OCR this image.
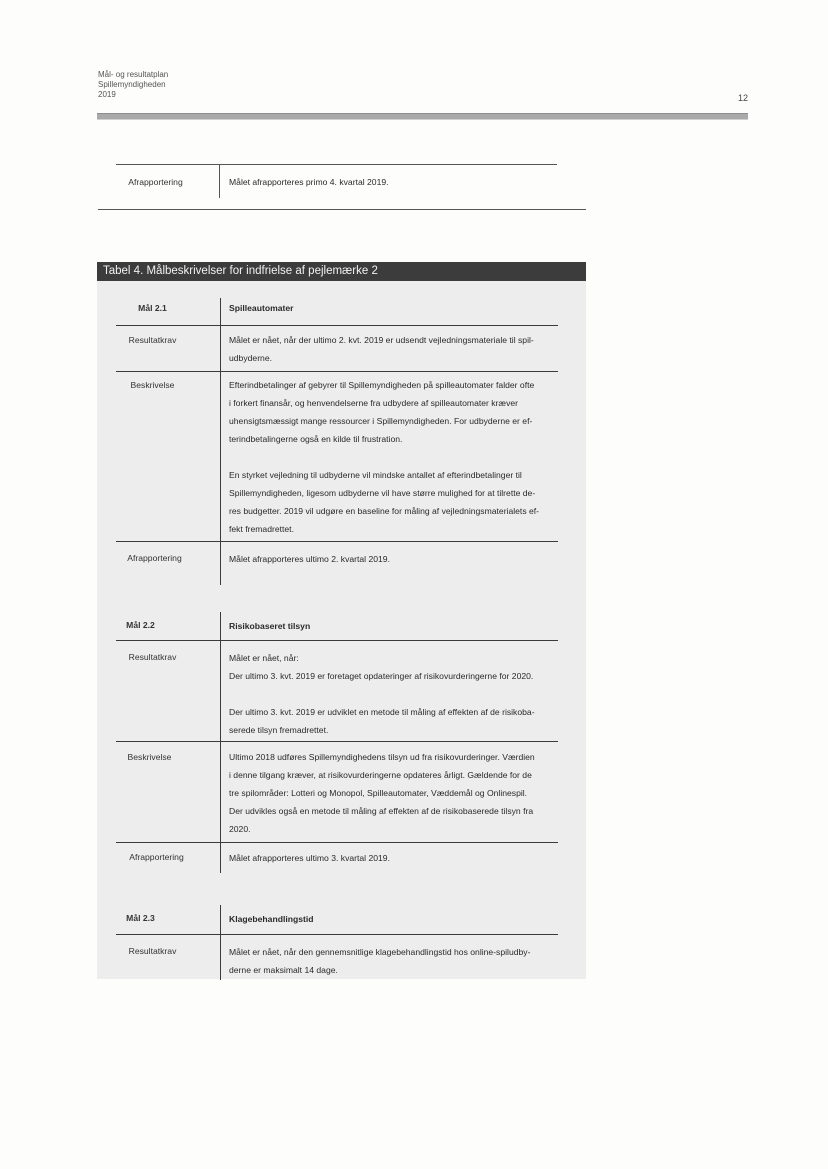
Mål- og resultatplan
Spillemyndigheden
2019	12
Afrapportering	Målet afrapporteres primo 4. kvartal 2019.
Tabel 4. Målbeskrivelser for indfrielse af pejlemærke 2
Mål 2.1	Spilleautomater
Resultatkrav	Målet er nået, når der ultimo 2. kvt. 2019 er udsendt vejledningsmateriale til spil-
udbyderne.
Beskrivelse	Efterindbetalinger af gebyrer til Spillemyndigheden på spilleautomater falder ofte
i forkert finansår, og henvendelserne fra udbydere af spilleautomater kræver
uhensigtsmæssigt mange ressourcer i Spillemyndigheden. For udbyderne er ef-
terindbetalingerne også en kilde til frustration.
En styrket vejledning til udbyderne vil mindske antallet af efterindbetalinger til
Spillemyndigheden, ligesom udbyderne vil have større mulighed for at tilrette de-
res budgetter. 2019 vil udgøre en baseline for måling af vejledningsmaterialets ef-
fekt fremadrettet.
Afrapportering	Målet afrapporteres ultimo 2. kvartal 2019.
Mål 2.2	Risikobaseret tilsyn
Resultatkrav	Målet er nået, når:
Der ultimo 3. kvt. 2019 er foretaget opdateringer af risikovurderingerne for 2020.
Der ultimo 3. kvt. 2019 er udviklet en metode til måling af effekten af de risikoba-
serede tilsyn fremadrettet.
Beskrivelse	Ultimo 2018 udføres Spillemyndighedens tilsyn ud fra risikovurderinger. Værdien
i denne tilgang kræver, at risikovurderingerne opdateres årligt. Gældende for de
tre spilområder: Lotteri og Monopol, Spilleautomater, Væddemål og Onlinespil.
Der udvikles også en metode til måling af effekten af de risikobaserede tilsyn fra
2020.
Afrapportering	Målet afrapporteres ultimo 3. kvartal 2019.
Mål 2.3	Klagebehandlingstid
Resultatkrav	Målet er nået, når den gennemsnitlige klagebehandlingstid hos online-spiludby-
derne er maksimalt 14 dage.
